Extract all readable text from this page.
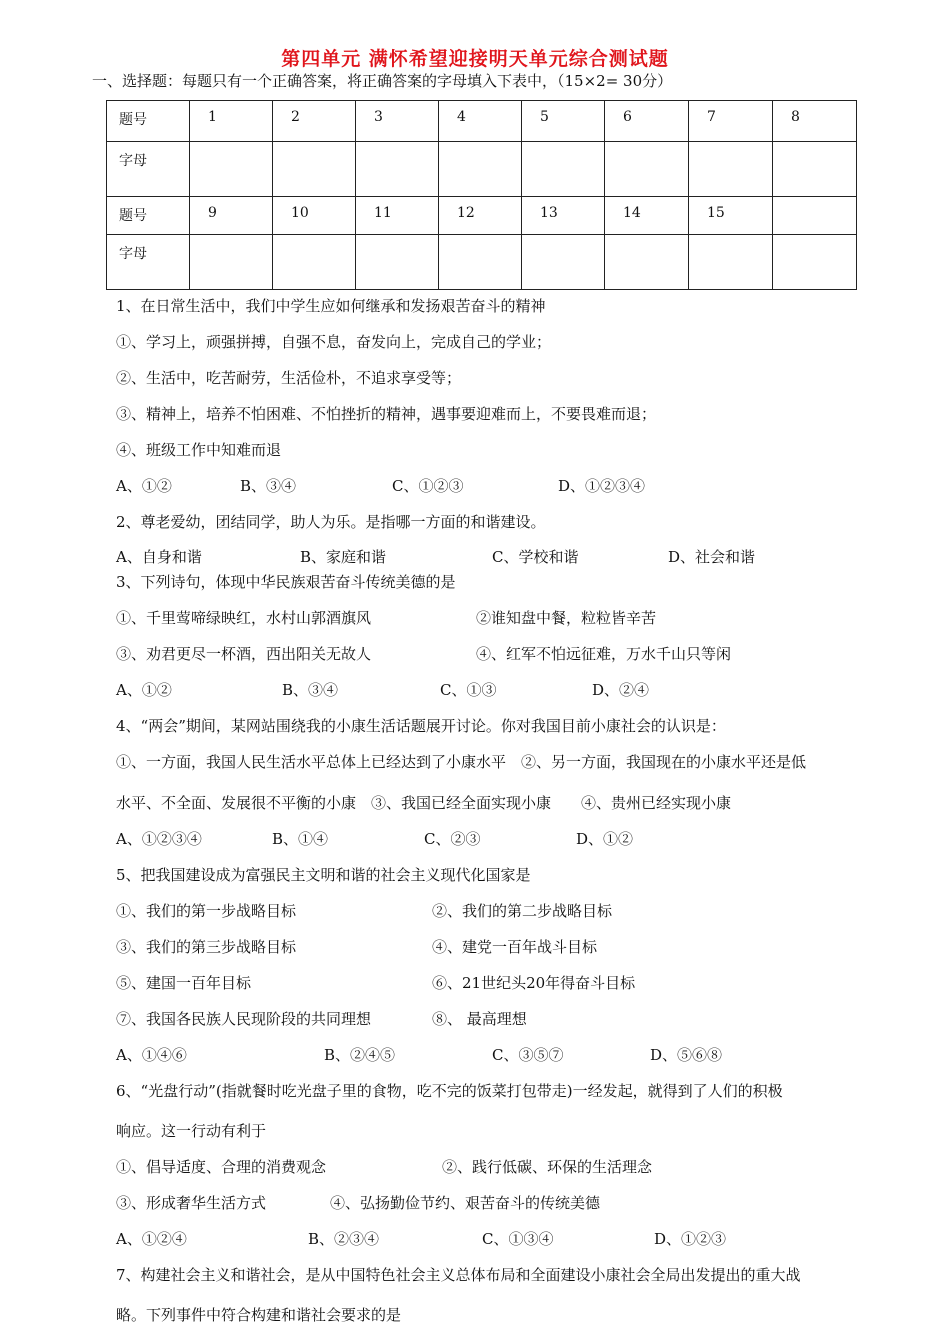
第四单元 满怀希望迎接明天单元综合测试题
一、选择题：每题只有一个正确答案，将正确答案的字母填入下表中，（15×2= 30分）
题号	1	2	3	4	5	6	7	8
字母								
题号	9	10	11	12	13	14	15	
字母								
1、在日常生活中，我们中学生应如何继承和发扬艰苦奋斗的精神
①、学习上，顽强拼搏，自强不息，奋发向上，完成自己的学业；
②、生活中，吃苦耐劳，生活俭朴，不追求享受等；
③、精神上，培养不怕困难、不怕挫折的精神，遇事要迎难而上，不要畏难而退；
④、班级工作中知难而退
A、①②	B、③④	C、①②③	D、①②③④
2、尊老爱幼，团结同学，助人为乐。是指哪一方面的和谐建设。
A、自身和谐	B、家庭和谐	C、学校和谐	D、社会和谐
3、下列诗句，体现中华民族艰苦奋斗传统美德的是
①、千里莺啼绿映红，水村山郭酒旗风	②谁知盘中餐，粒粒皆辛苦
③、劝君更尽一杯酒，西出阳关无故人	④、红军不怕远征难，万水千山只等闲
A、①②	B、③④	C、①③	D、②④
4、“两会”期间，某网站围绕我的小康生活话题展开讨论。你对我国目前小康社会的认识是：
①、一方面，我国人民生活水平总体上已经达到了小康水平　②、另一方面，我国现在的小康水平还是低
水平、不全面、发展很不平衡的小康　③、我国已经全面实现小康　　④、贵州已经实现小康
A、①②③④	B、①④	C、②③	D、①②
5、把我国建设成为富强民主文明和谐的社会主义现代化国家是
①、我们的第一步战略目标	②、我们的第二步战略目标
③、我们的第三步战略目标	④、建党一百年战斗目标
⑤、建国一百年目标	⑥、21世纪头20年得奋斗目标
⑦、我国各民族人民现阶段的共同理想	⑧、 最高理想
A、①④⑥	B、②④⑤	C、③⑤⑦	D、⑤⑥⑧
6、“光盘行动”(指就餐时吃光盘子里的食物，吃不完的饭菜打包带走)一经发起，就得到了人们的积极
响应。这一行动有利于
①、倡导适度、合理的消费观念	②、践行低碳、环保的生活理念
③、形成奢华生活方式	④、弘扬勤俭节约、艰苦奋斗的传统美德
A、①②④	B、②③④	C、①③④	D、①②③
7、构建社会主义和谐社会，是从中国特色社会主义总体布局和全面建设小康社会全局出发提出的重大战
略。下列事件中符合构建和谐社会要求的是
